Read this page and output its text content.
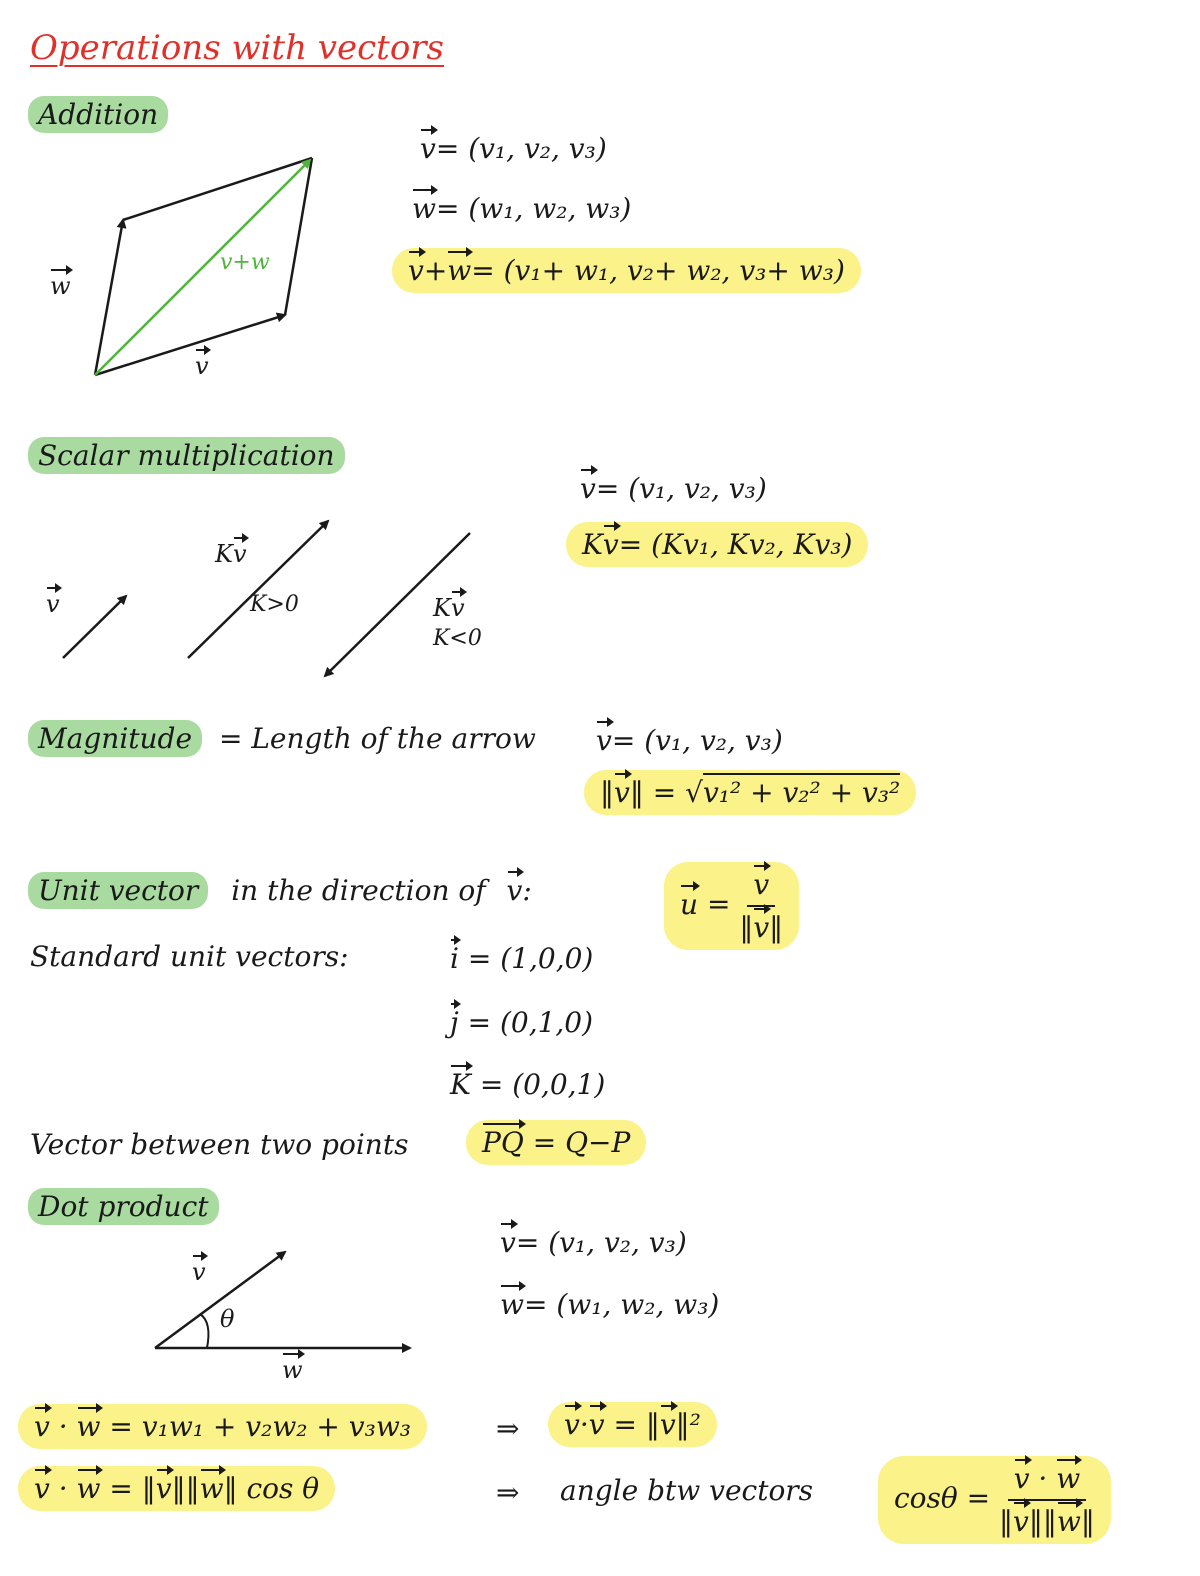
Operations with vectors
Addition
w
v
v+w
v= (v₁, v₂, v₃)
w= (w₁, w₂, w₃)
v+w= (v₁+ w₁, v₂+ w₂, v₃+ w₃)
Scalar multiplication
v= (v₁, v₂, v₃)
Kv= (Kv₁, Kv₂, Kv₃)
v
Kv
K>0	Kv
K<0
Magnitude = Length of the arrow v= (v₁, v₂, v₃)
‖v‖ = √v₁² + v₂² + v₃²
Unit vector in the direction of v:	$u = \frac{v}{‖v‖}$
Standard unit vectors:	i = (1,0,0)
j = (0,1,0)
K = (0,0,1)
Vector between two points	PQ = Q−P
Dot product
v= (v₁, v₂, v₃)
w= (w₁, w₂, w₃)
v
θ
w
v · w = v₁w₁ + v₂w₂ + v₃w₃
v · w = ‖v‖‖w‖ cos θ
⇒	v·v = ‖v‖²
⇒ angle btw vectors	$\cos\theta = \frac{v \cdot w}{‖v‖‖w‖}$
